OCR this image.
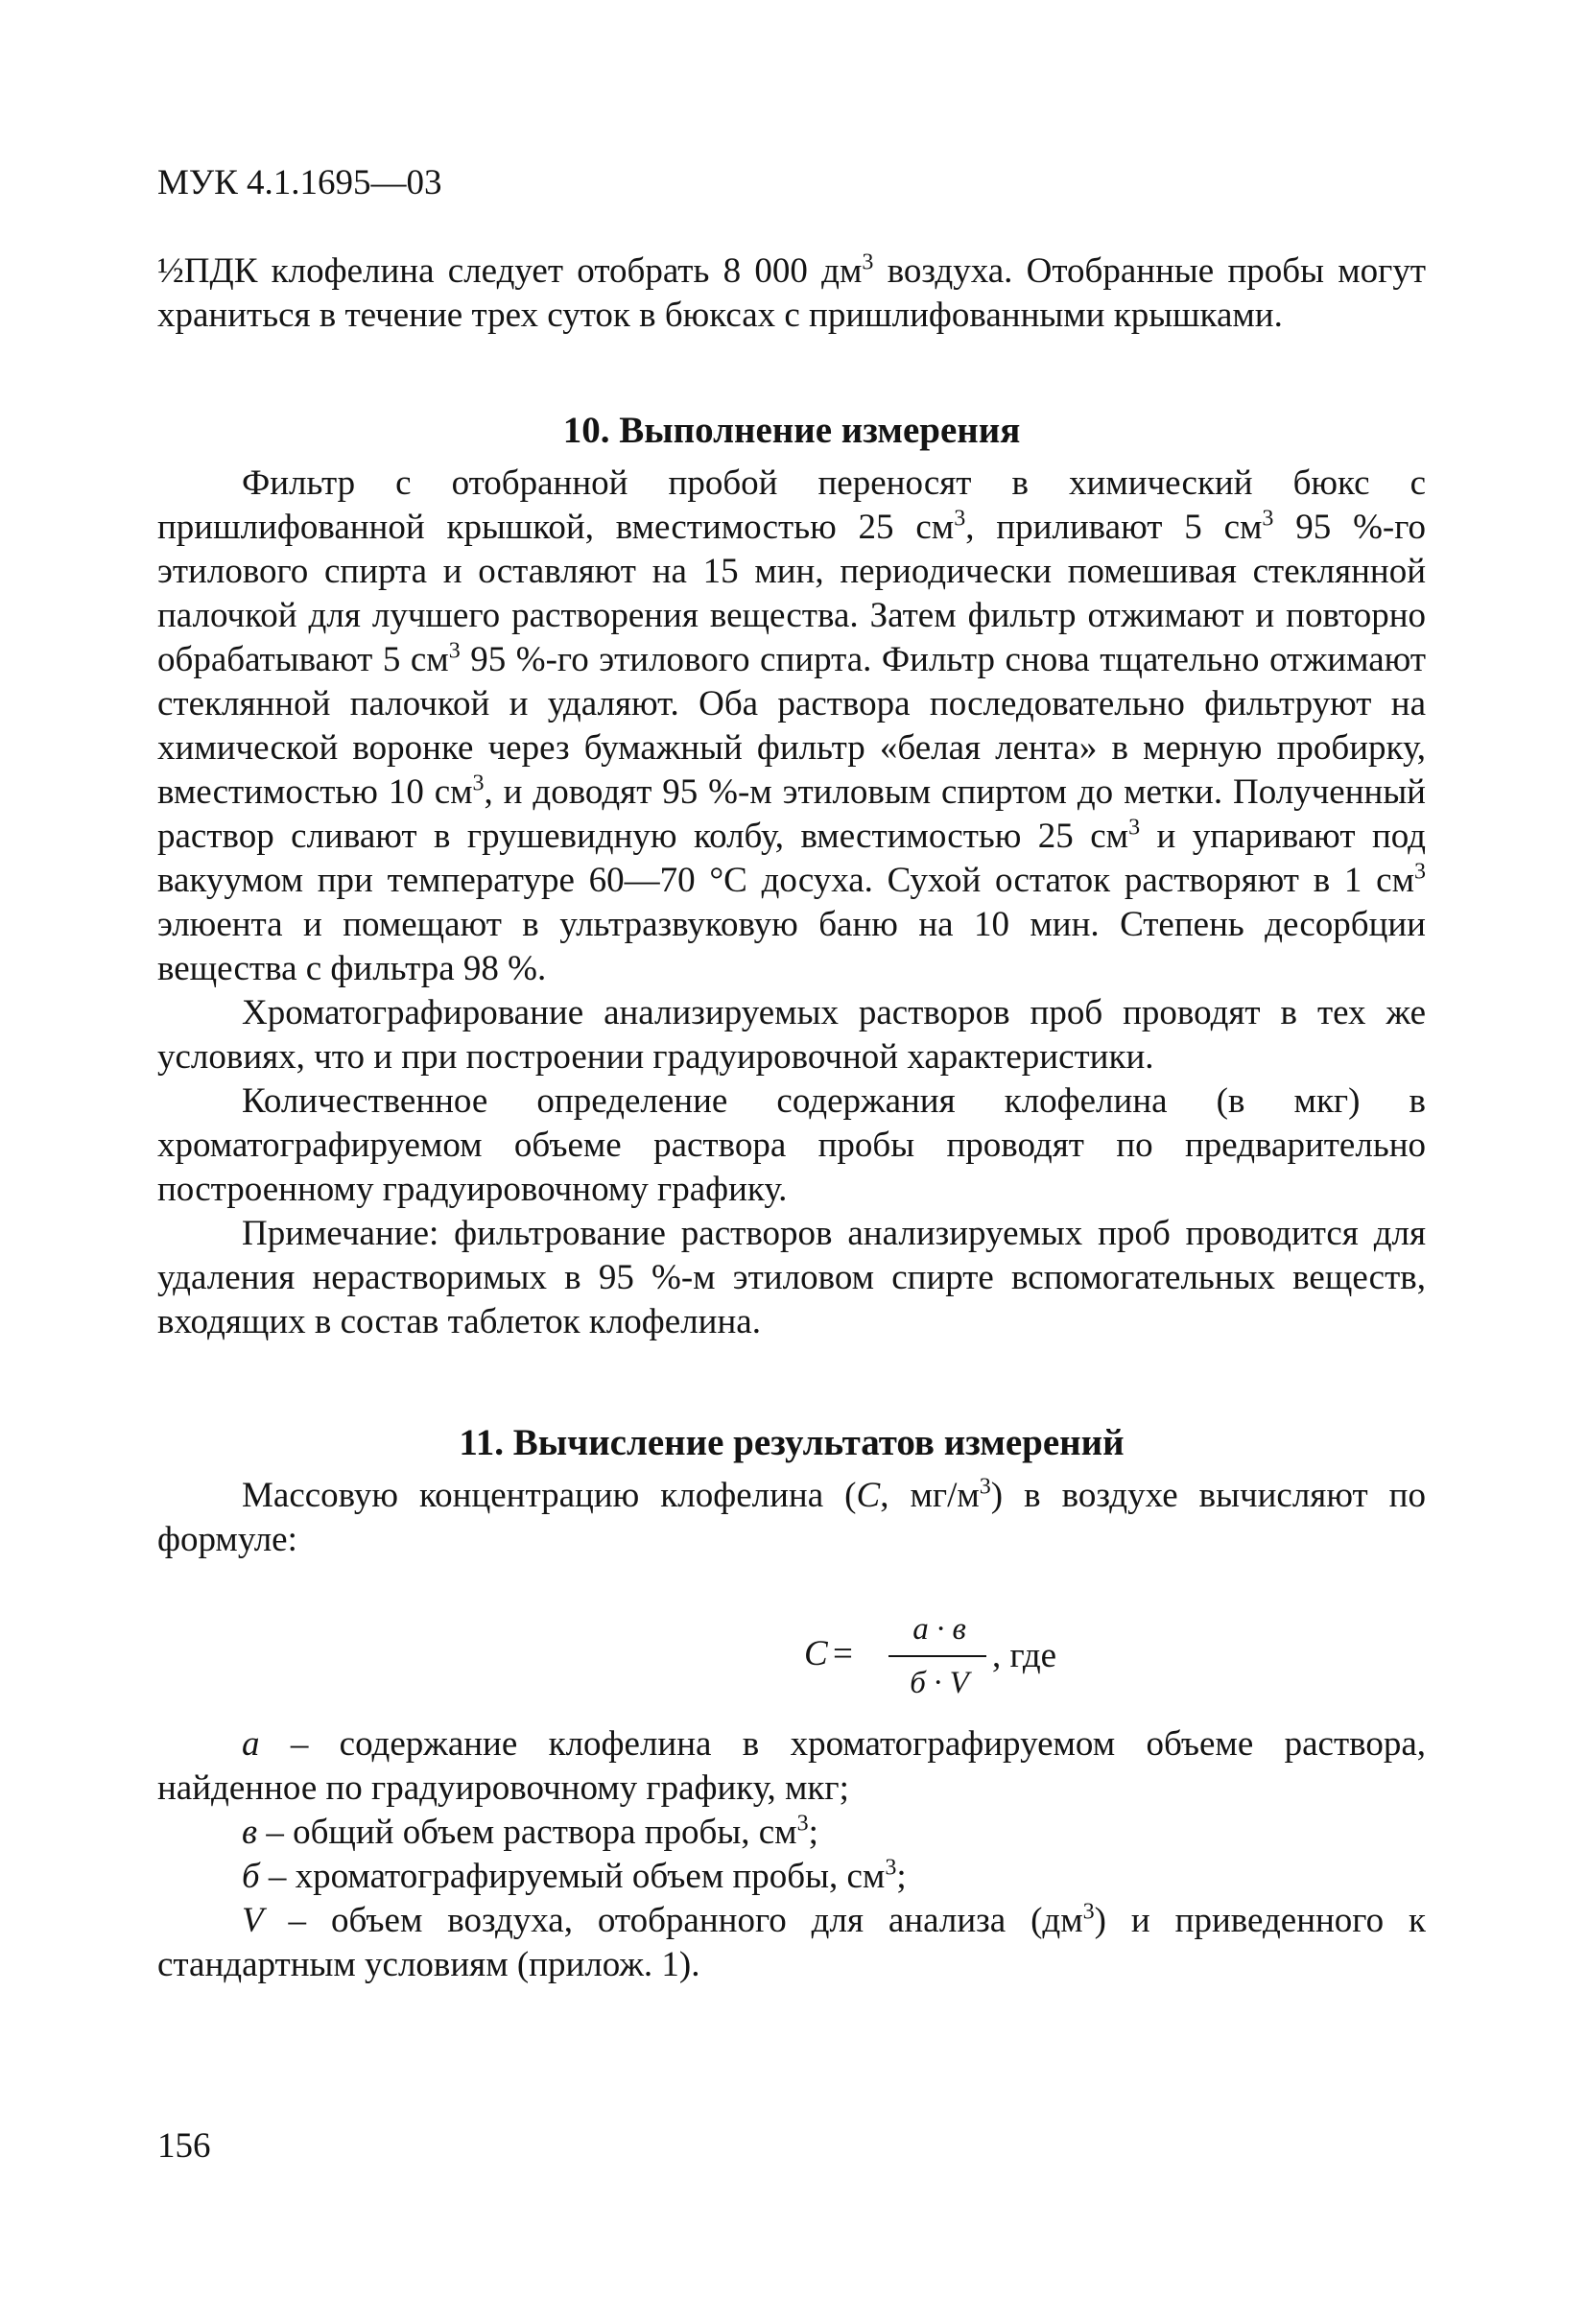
МУК 4.1.1695—03

½ПДК клофелина следует отобрать 8 000 $дм^3$ воздуха. Отобранные пробы могут храниться в течение трех суток в бюксах с пришлифованными крышками.

10. Выполнение измерения

Фильтр с отобранной пробой переносят в химический бюкс с пришлифованной крышкой, вместимостью 25 $см^3$, приливают 5 $см^3$ 95 %-го этилового спирта и оставляют на 15 мин, периодически помешивая стеклянной палочкой для лучшего растворения вещества. Затем фильтр отжимают и повторно обрабатывают 5 $см^3$ 95 %-го этилового спирта. Фильтр снова тщательно отжимают стеклянной палочкой и удаляют. Оба раствора последовательно фильтруют на химической воронке через бумажный фильтр «белая лента» в мерную пробирку, вместимостью 10 $см^3$, и доводят 95 %-м этиловым спиртом до метки. Полученный раствор сливают в грушевидную колбу, вместимостью 25 $см^3$ и упаривают под вакуумом при температуре 60—70 °С досуха. Сухой остаток растворяют в 1 $см^3$ элюента и помещают в ультразвуковую баню на 10 мин. Степень десорбции вещества с фильтра 98 %.

Хроматографирование анализируемых растворов проб проводят в тех же условиях, что и при построении градуировочной характеристики.

Количественное определение содержания клофелина (в мкг) в хроматографируемом объеме раствора пробы проводят по предварительно построенному градуировочному графику.

Примечание: фильтрование растворов анализируемых проб проводится для удаления нерастворимых в 95 %-м этиловом спирте вспомогательных веществ, входящих в состав таблеток клофелина.

11. Вычисление результатов измерений

Массовую концентрацию клофелина (С, $мг/м^3$) в воздухе вычисляют по формуле:

С =
а · в
б · V
, где

а – содержание клофелина в хроматографируемом объеме раствора, найденное по градуировочному графику, мкг;

в – общий объем раствора пробы, $см^3$;

б – хроматографируемый объем пробы, $см^3$;

V – объем воздуха, отобранного для анализа $(дм^3)$ и приведенного к стандартным условиям (прилож. 1).

156
